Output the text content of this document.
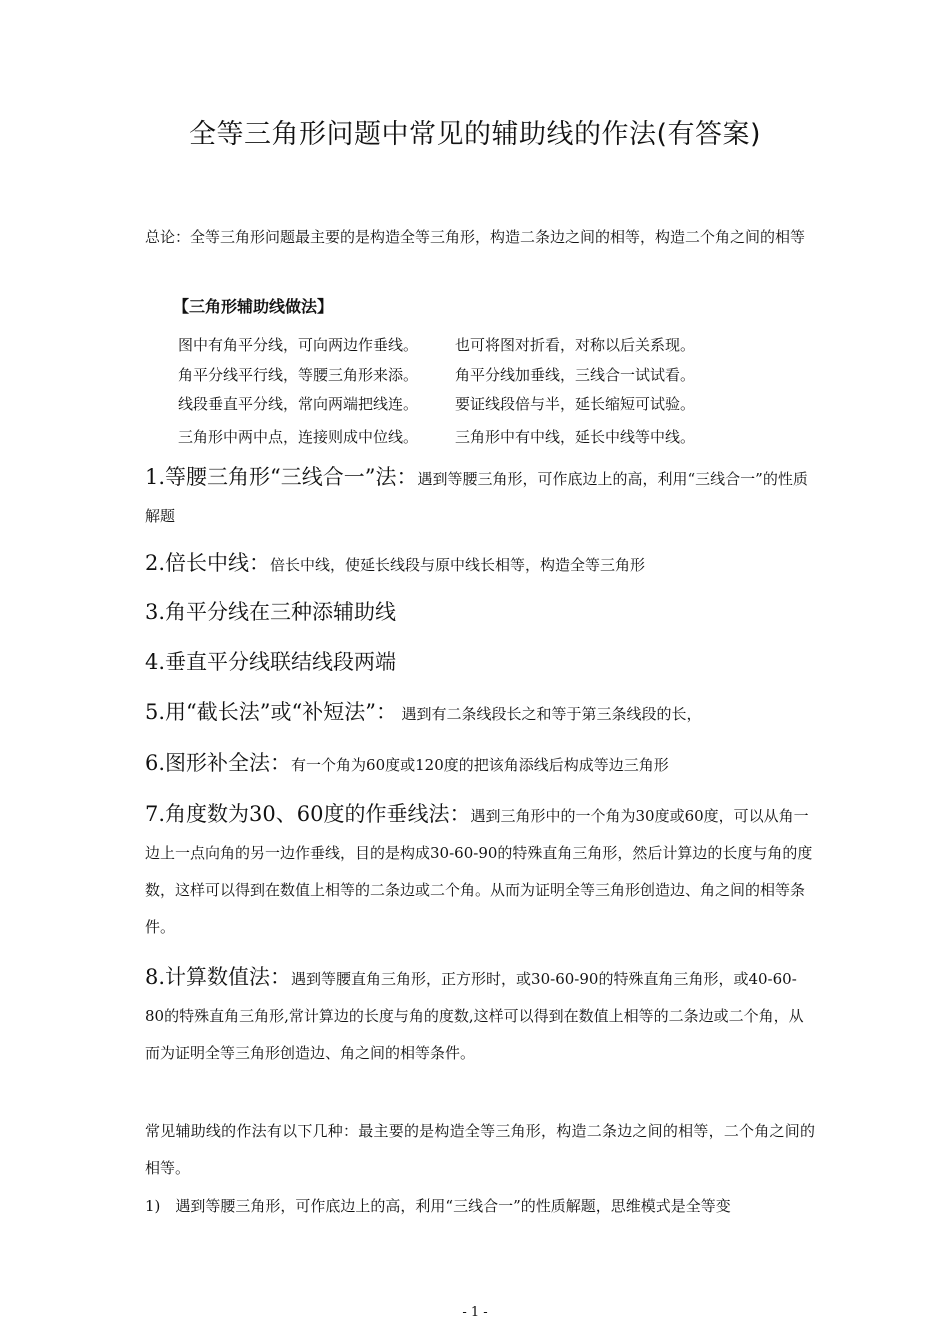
全等三角形问题中常见的辅助线的作法(有答案)
总论：全等三角形问题最主要的是构造全等三角形，构造二条边之间的相等，构造二个角之间的相等
【三角形辅助线做法】
图中有角平分线，可向两边作垂线。 也可将图对折看，对称以后关系现。
角平分线平行线，等腰三角形来添。 角平分线加垂线，三线合一试试看。
线段垂直平分线，常向两端把线连。 要证线段倍与半，延长缩短可试验。
三角形中两中点，连接则成中位线。 三角形中有中线，延长中线等中线。
1.等腰三角形“三线合一”法：遇到等腰三角形，可作底边上的高，利用“三线合一”的性质解题
2.倍长中线：倍长中线，使延长线段与原中线长相等，构造全等三角形
3.角平分线在三种添辅助线
4.垂直平分线联结线段两端
5.用“截长法”或“补短法”：　 遇到有二条线段长之和等于第三条线段的长，
6.图形补全法：有一个角为60度或120度的把该角添线后构成等边三角形
7.角度数为30、60度的作垂线法：遇到三角形中的一个角为30度或60度，可以从角一边上一点向角的另一边作垂线，目的是构成30-60-90的特殊直角三角形，然后计算边的长度与角的度数，这样可以得到在数值上相等的二条边或二个角。从而为证明全等三角形创造边、角之间的相等条件。
8.计算数值法：遇到等腰直角三角形，正方形时，或30-60-90的特殊直角三角形，或40-60-80的特殊直角三角形,常计算边的长度与角的度数,这样可以得到在数值上相等的二条边或二个角，从而为证明全等三角形创造边、角之间的相等条件。
常见辅助线的作法有以下几种：最主要的是构造全等三角形，构造二条边之间的相等，二个角之间的相等。
1)　遇到等腰三角形，可作底边上的高，利用“三线合一”的性质解题，思维模式是全等变
- 1 -
